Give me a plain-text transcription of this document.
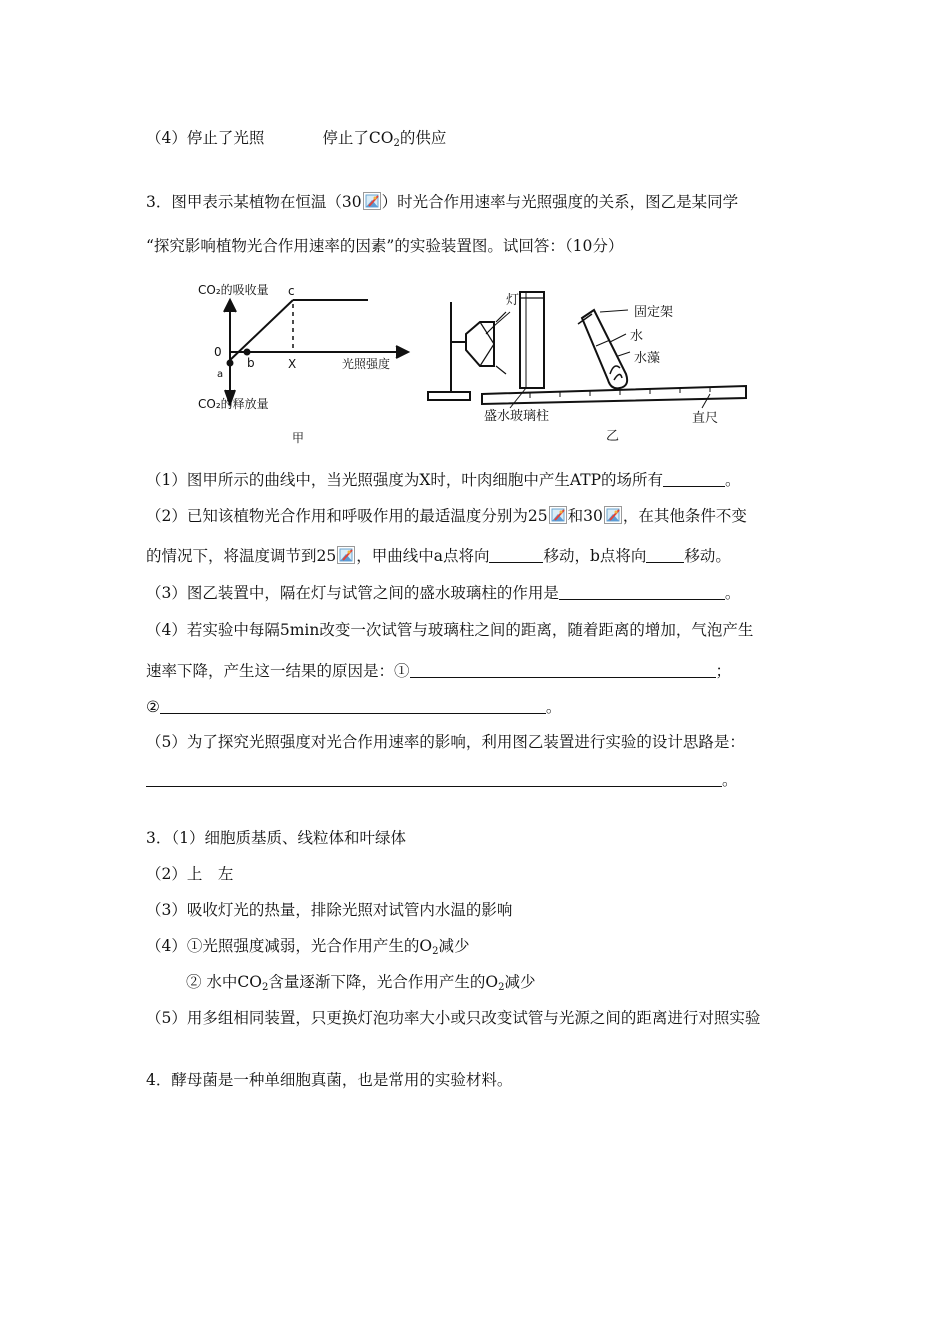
（4）停止了光照	停止了$CO_2$的供应
3．图甲表示某植物在恒温（30 ）时光合作用速率与光照强度的关系，图乙是某同学
“探究影响植物光合作用速率的因素”的实验装置图。试回答：（10分）
CO₂的吸收量
CO₂的释放量
光照强度
0
a
b
c
X
甲
灯
固定架
水
水藻
盛水玻璃柱	直尺
乙
（1）图甲所示的曲线中，当光照强度为X时，叶肉细胞中产生ATP的场所有	。
（2）已知该植物光合作用和呼吸作用的最适温度分别为25 和30 ，在其他条件不变
的情况下，将温度调节到25 ，甲曲线中a点将向	移动，b点将向 移动。
（3）图乙装置中，隔在灯与试管之间的盛水玻璃柱的作用是	。
（4）若实验中每隔5min改变一次试管与玻璃柱之间的距离，随着距离的增加，气泡产生
速率下降，产生这一结果的原因是：①	；
②	。
（5）为了探究光照强度对光合作用速率的影响，利用图乙装置进行实验的设计思路是：
。
3．（1）细胞质基质、线粒体和叶绿体
（2）上　左
（3）吸收灯光的热量，排除光照对试管内水温的影响
（4）①光照强度减弱，光合作用产生的$O_2$减少
② 水中$CO_2$含量逐渐下降，光合作用产生的$O_2$减少
（5）用多组相同装置，只更换灯泡功率大小或只改变试管与光源之间的距离进行对照实验
4．酵母菌是一种单细胞真菌，也是常用的实验材料。
